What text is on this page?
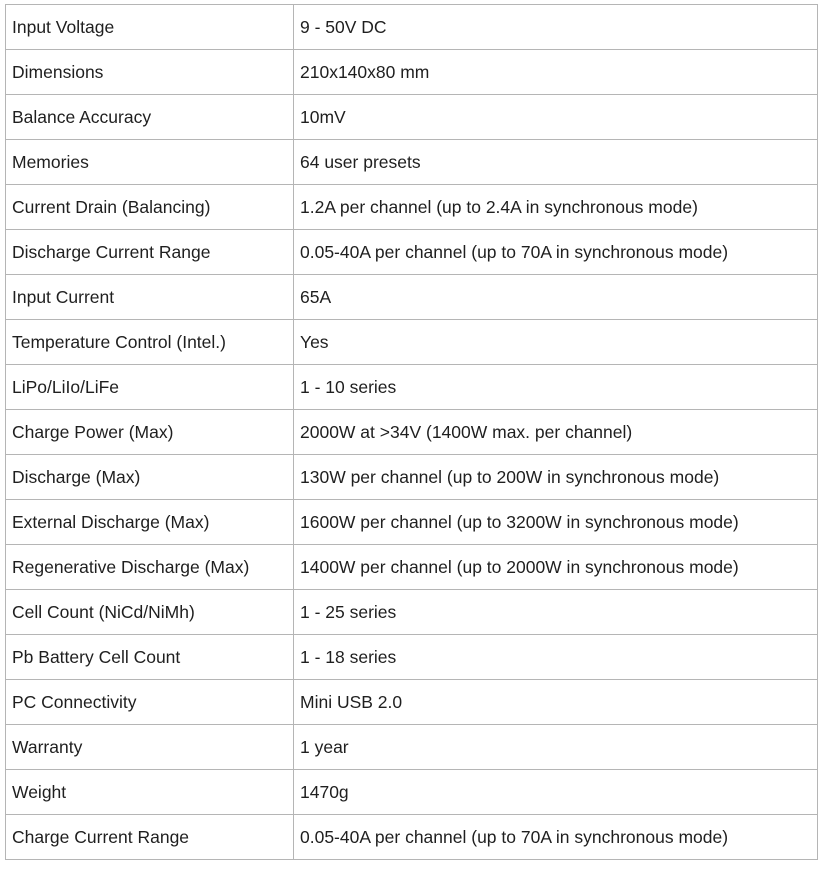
Input Voltage	9 - 50V DC
Dimensions	210x140x80 mm
Balance Accuracy	10mV
Memories	64 user presets
Current Drain (Balancing)	1.2A per channel (up to 2.4A in synchronous mode)
Discharge Current Range	0.05-40A per channel (up to 70A in synchronous mode)
Input Current	65A
Temperature Control (Intel.)	Yes
LiPo/LiIo/LiFe	1 - 10 series
Charge Power (Max)	2000W at >34V (1400W max. per channel)
Discharge (Max)	130W per channel (up to 200W in synchronous mode)
External Discharge (Max)	1600W per channel (up to 3200W in synchronous mode)
Regenerative Discharge (Max)	1400W per channel (up to 2000W in synchronous mode)
Cell Count (NiCd/NiMh)	1 - 25 series
Pb Battery Cell Count	1 - 18 series
PC Connectivity	Mini USB 2.0
Warranty	1 year
Weight	1470g
Charge Current Range	0.05-40A per channel (up to 70A in synchronous mode)
